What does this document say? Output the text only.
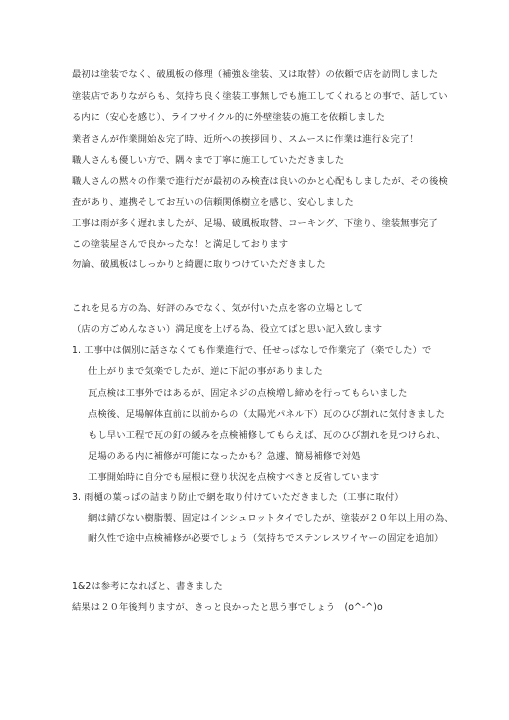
最初は塗装でなく、破風板の修理（補強＆塗装、又は取替）の依頼で店を訪問しました
塗装店でありながらも、気持ち良く塗装工事無しでも施工してくれるとの事で、話してい
る内に（安心を感じ）、ライフサイクル的に外壁塗装の施工を依頼しました
業者さんが作業開始＆完了時、近所への挨拶回り、スムースに作業は進行＆完了！
職人さんも優しい方で、隅々まで丁寧に施工していただきました
職人さんの黙々の作業で進行だが最初のみ検査は良いのかと心配もしましたが、その後検
査があり、連携そしてお互いの信頼関係樹立を感じ、安心しました
工事は雨が多く遅れましたが、足場、破風板取替、コーキング、下塗り、塗装無事完了
この塗装屋さんで良かったな！と満足しております
勿論、破風板はしっかりと綺麗に取りつけていただきました
これを見る方の為、好評のみでなく、気が付いた点を客の立場として
（店の方ごめんなさい）満足度を上げる為、役立てばと思い記入致します
1. 工事中は個別に話さなくても作業進行で、任せっぱなしで作業完了（楽でした）で
仕上がりまで気楽でしたが、逆に下記の事がありました
瓦点検は工事外ではあるが、固定ネジの点検増し締めを行ってもらいました
点検後、足場解体直前に以前からの（太陽光パネル下）瓦のひび割れに気付きました
もし早い工程で瓦の釘の緩みを点検補修してもらえば、瓦のひび割れを見つけられ、
足場のある内に補修が可能になったかも？急遽、簡易補修で対処
工事開始時に自分でも屋根に登り状況を点検すべきと反省しています
3. 雨樋の葉っぱの詰まり防止で網を取り付けていただきました（工事に取付）
網は錆びない樹脂製、固定はインシュロットタイでしたが、塗装が２０年以上用の為、
耐久性で途中点検補修が必要でしょう（気持ちでステンレスワイヤーの固定を追加）
1&2は参考になればと、書きました
結果は２０年後判りますが、きっと良かったと思う事でしょう　(o^-^)o
